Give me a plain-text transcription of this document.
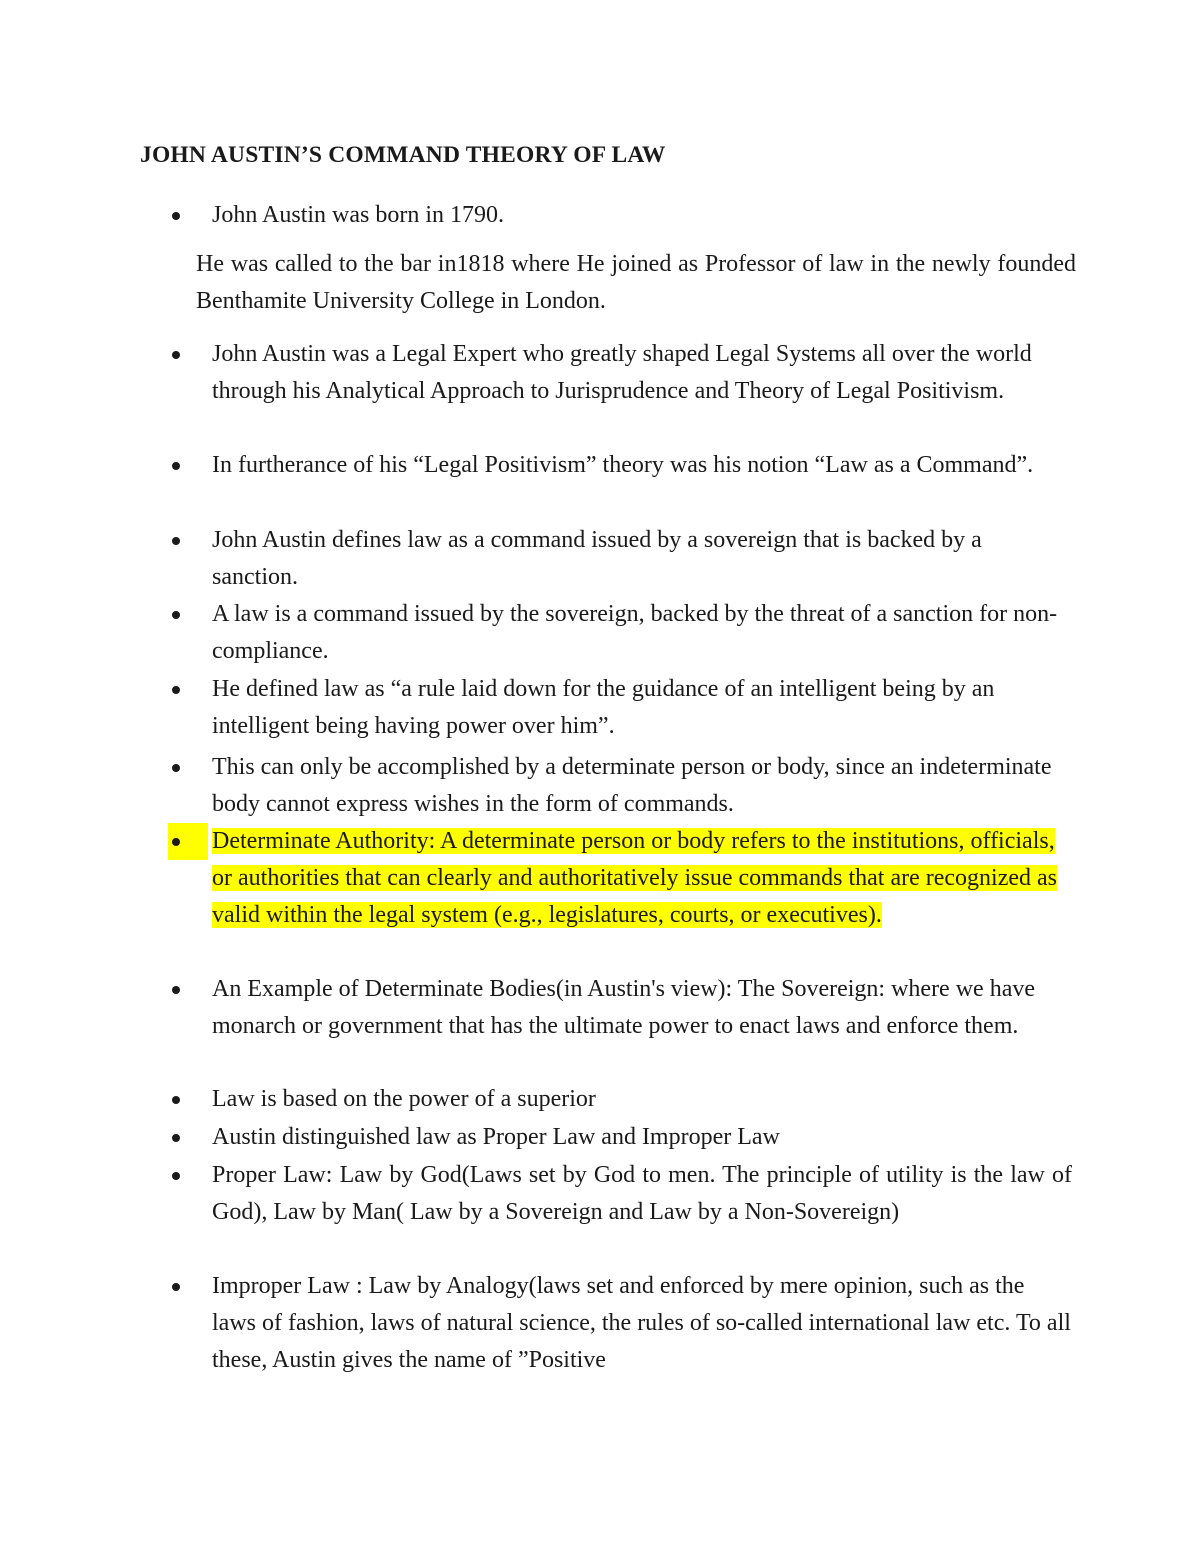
JOHN AUSTIN’S COMMAND THEORY OF LAW
John Austin was born in 1790.
He was called to the bar in1818 where He joined as Professor of law in the newly founded Benthamite University College in London.
John Austin was a Legal Expert who greatly shaped Legal Systems all over the world through his Analytical Approach to Jurisprudence and Theory of Legal Positivism.
In furtherance of his “Legal Positivism” theory was his notion “Law as a Command”.
John Austin defines law as a command issued by a sovereign that is backed by a sanction.
A law is a command issued by the sovereign, backed by the threat of a sanction for non-compliance.
He defined law as “a rule laid down for the guidance of an intelligent being by an intelligent being having power over him”.
This can only be accomplished by a determinate person or body, since an indeterminate body cannot express wishes in the form of commands.
Determinate Authority: A determinate person or body refers to the institutions, officials, or authorities that can clearly and authoritatively issue commands that are recognized as valid within the legal system (e.g., legislatures, courts, or executives).
An Example of Determinate Bodies(in Austin's view): The Sovereign: where we have monarch or government that has the ultimate power to enact laws and enforce them.
Law is based on the power of a superior
Austin distinguished law as Proper Law and Improper Law
Proper Law: Law by God(Laws set by God to men. The principle of utility is the law of God), Law by Man( Law by a Sovereign and Law by a Non-Sovereign)
Improper Law : Law by Analogy(laws set and enforced by mere opinion, such as the laws of fashion, laws of natural science, the rules of so-called international law etc. To all these, Austin gives the name of ”Positive
